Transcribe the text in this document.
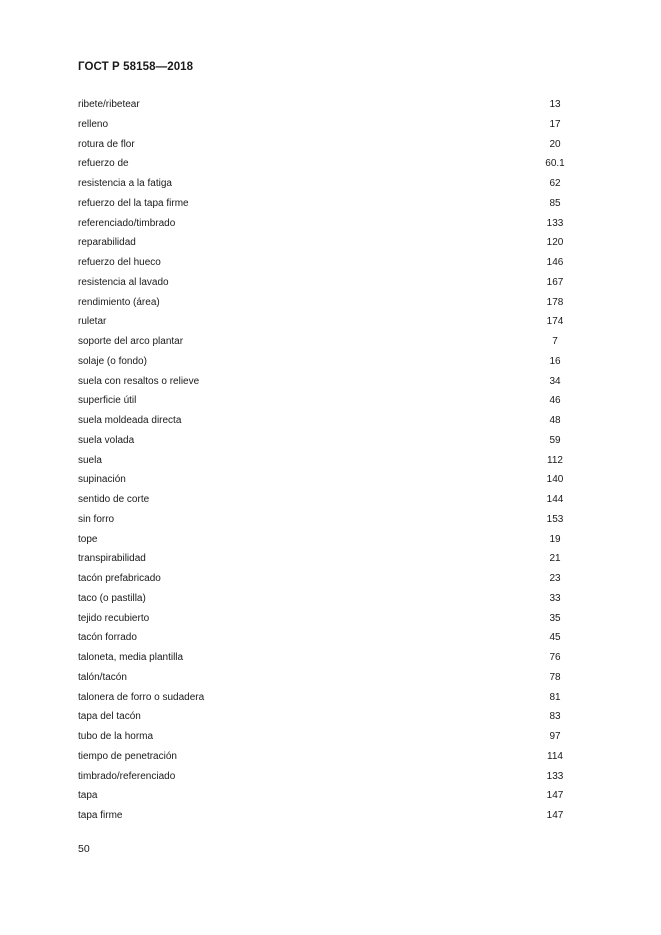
ГОСТ Р 58158—2018
ribete/ribetear	13
relleno	17
rotura de flor	20
refuerzo de	60.1
resistencia a la fatiga	62
refuerzo del la tapa firme	85
referenciado/timbrado	133
reparabilidad	120
refuerzo del hueco	146
resistencia al lavado	167
rendimiento (área)	178
ruletar	174
soporte del arco plantar	7
solaje (o fondo)	16
suela con resaltos o relieve	34
superficie útil	46
suela moldeada directa	48
suela volada	59
suela	112
supinación	140
sentido de corte	144
sin forro	153
tope	19
transpirabilidad	21
tacón prefabricado	23
taco (o pastilla)	33
tejido recubierto	35
tacón forrado	45
taloneta, media plantilla	76
talón/tacón	78
talonera de forro o sudadera	81
tapa del tacón	83
tubo de la horma	97
tiempo de penetración	114
timbrado/referenciado	133
tapa	147
tapa firme	147
50
